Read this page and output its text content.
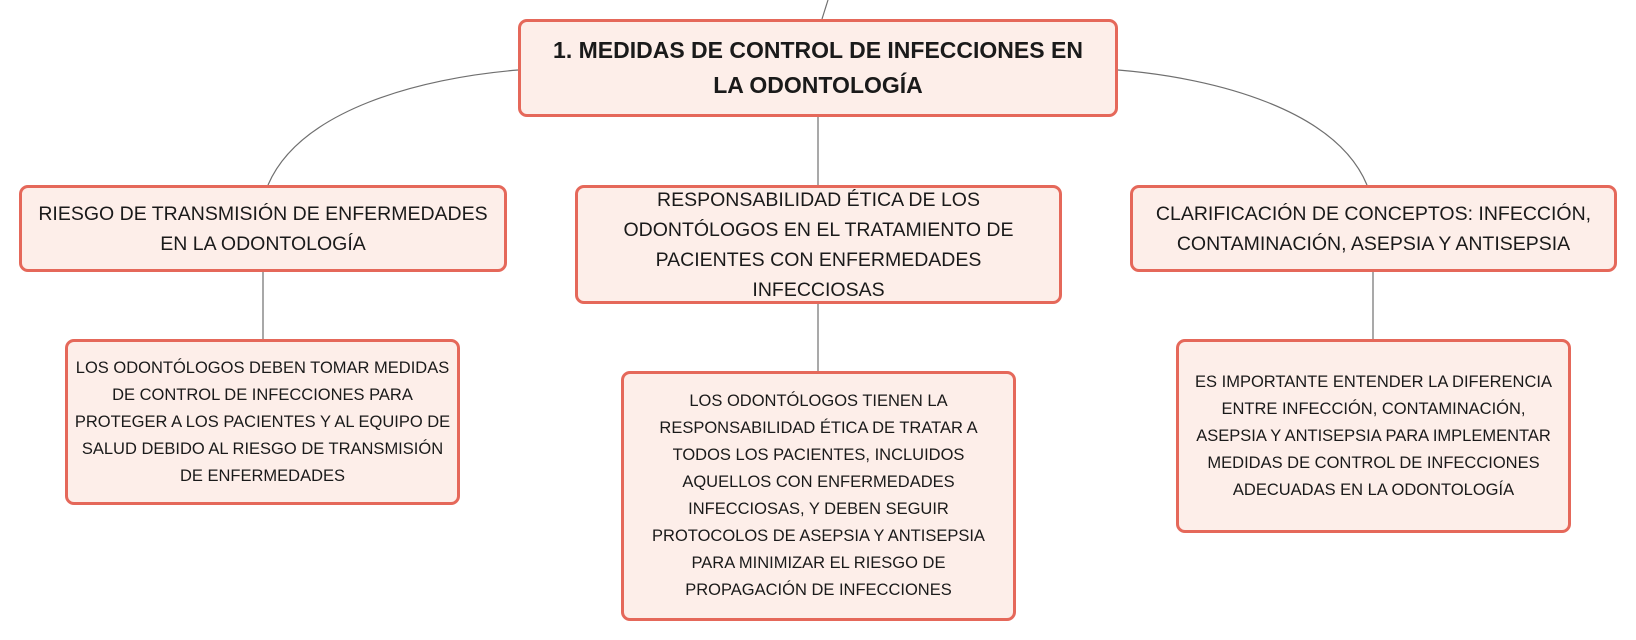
1. MEDIDAS DE CONTROL DE INFECCIONES EN LA ODONTOLOGÍA
RIESGO DE TRANSMISIÓN DE ENFERMEDADES EN LA ODONTOLOGÍA
RESPONSABILIDAD ÉTICA DE LOS ODONTÓLOGOS EN EL TRATAMIENTO DE PACIENTES CON ENFERMEDADES INFECCIOSAS
CLARIFICACIÓN DE CONCEPTOS: INFECCIÓN, CONTAMINACIÓN, ASEPSIA Y ANTISEPSIA
LOS ODONTÓLOGOS DEBEN TOMAR MEDIDAS DE CONTROL DE INFECCIONES PARA PROTEGER A LOS PACIENTES Y AL EQUIPO DE SALUD DEBIDO AL RIESGO DE TRANSMISIÓN DE ENFERMEDADES
LOS ODONTÓLOGOS TIENEN LA RESPONSABILIDAD ÉTICA DE TRATAR A TODOS LOS PACIENTES, INCLUIDOS AQUELLOS CON ENFERMEDADES INFECCIOSAS, Y DEBEN SEGUIR PROTOCOLOS DE ASEPSIA Y ANTISEPSIA PARA MINIMIZAR EL RIESGO DE PROPAGACIÓN DE INFECCIONES
ES IMPORTANTE ENTENDER LA DIFERENCIA ENTRE INFECCIÓN, CONTAMINACIÓN, ASEPSIA Y ANTISEPSIA PARA IMPLEMENTAR MEDIDAS DE CONTROL DE INFECCIONES ADECUADAS EN LA ODONTOLOGÍA
